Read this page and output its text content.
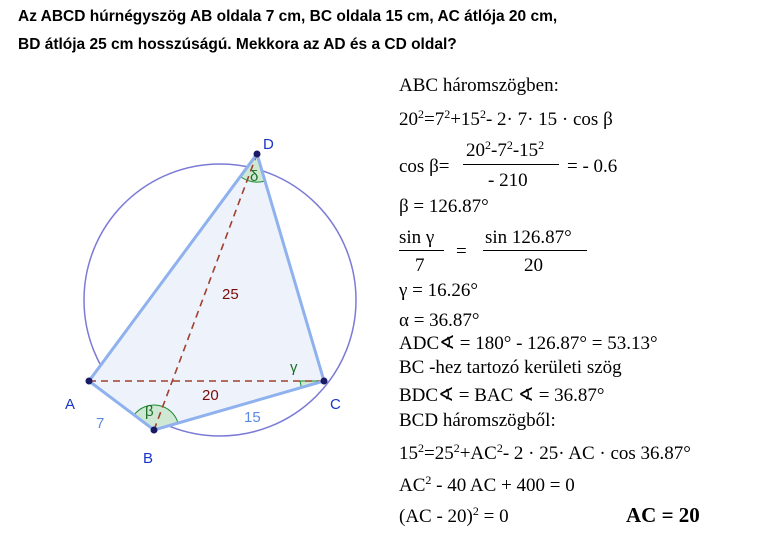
Az ABCD húrnégyszög AB oldala 7 cm, BC oldala 15 cm, AC átlója 20 cm,
BD átlója 25 cm hosszúságú. Mekkora az AD és a CD oldal?
A
B
C
D
7	15
20
25
β
γ
δ
ABC háromszögben:
$20^2=7^2+15^2-$ 2· 7· 15 · cos β
cos β=
$20^2-7^2-15^2$
- 210
= - 0.6
β = 126.87°
sin γ
7
=
sin 126.87°
20
γ = 16.26°
α = 36.87°
ADC∢ = 180° - 126.87° = 53.13°
BC -hez tartozó kerületi szög
BDC∢ = BAC ∢ = 36.87°
BCD háromszögből:
$15^2=25^2+AC^2-$ 2 · 25· AC · cos 36.87°
$AC^2 - 40$ AC + 400 = 0
(AC - 20)$^2$ = 0	AC = 20
